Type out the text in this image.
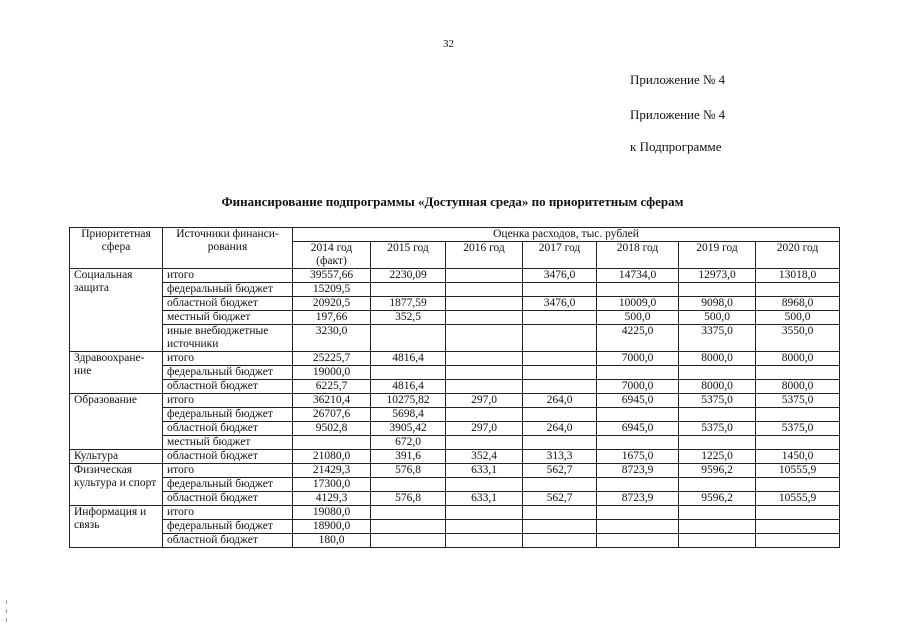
32
Приложение № 4
Приложение № 4
к Подпрограмме
Финансирование подпрограммы «Доступная среда» по приоритетным сферам
Приоритетная сфера	Источники финанси-рования	Оценка расходов, тыс. рублей						
		2014 год (факт)	2015 год	2016 год	2017 год	2018 год	2019 год	2020 год
Социальная защита	итого	39557,66	2230,09		3476,0	14734,0	12973,0	13018,0
	федеральный бюджет	15209,5						
	областной бюджет	20920,5	1877,59		3476,0	10009,0	9098,0	8968,0
	местный бюджет	197,66	352,5			500,0	500,0	500,0
	иные внебюджетные источники	3230,0				4225,0	3375,0	3550,0
Здравоохране-ние	итого	25225,7	4816,4			7000,0	8000,0	8000,0
	федеральный бюджет	19000,0						
	областной бюджет	6225,7	4816,4			7000,0	8000,0	8000,0
Образование	итого	36210,4	10275,82	297,0	264,0	6945,0	5375,0	5375,0
	федеральный бюджет	26707,6	5698,4					
	областной бюджет	9502,8	3905,42	297,0	264,0	6945,0	5375,0	5375,0
	местный бюджет		672,0					
Культура	областной бюджет	21080,0	391,6	352,4	313,3	1675,0	1225,0	1450,0
Физическая культура и спорт	итого	21429,3	576,8	633,1	562,7	8723,9	9596,2	10555,9
	федеральный бюджет	17300,0						
	областной бюджет	4129,3	576,8	633,1	562,7	8723,9	9596,2	10555,9
Информация и связь	итого	19080,0						
	федеральный бюджет	18900,0						
	областной бюджет	180,0						
